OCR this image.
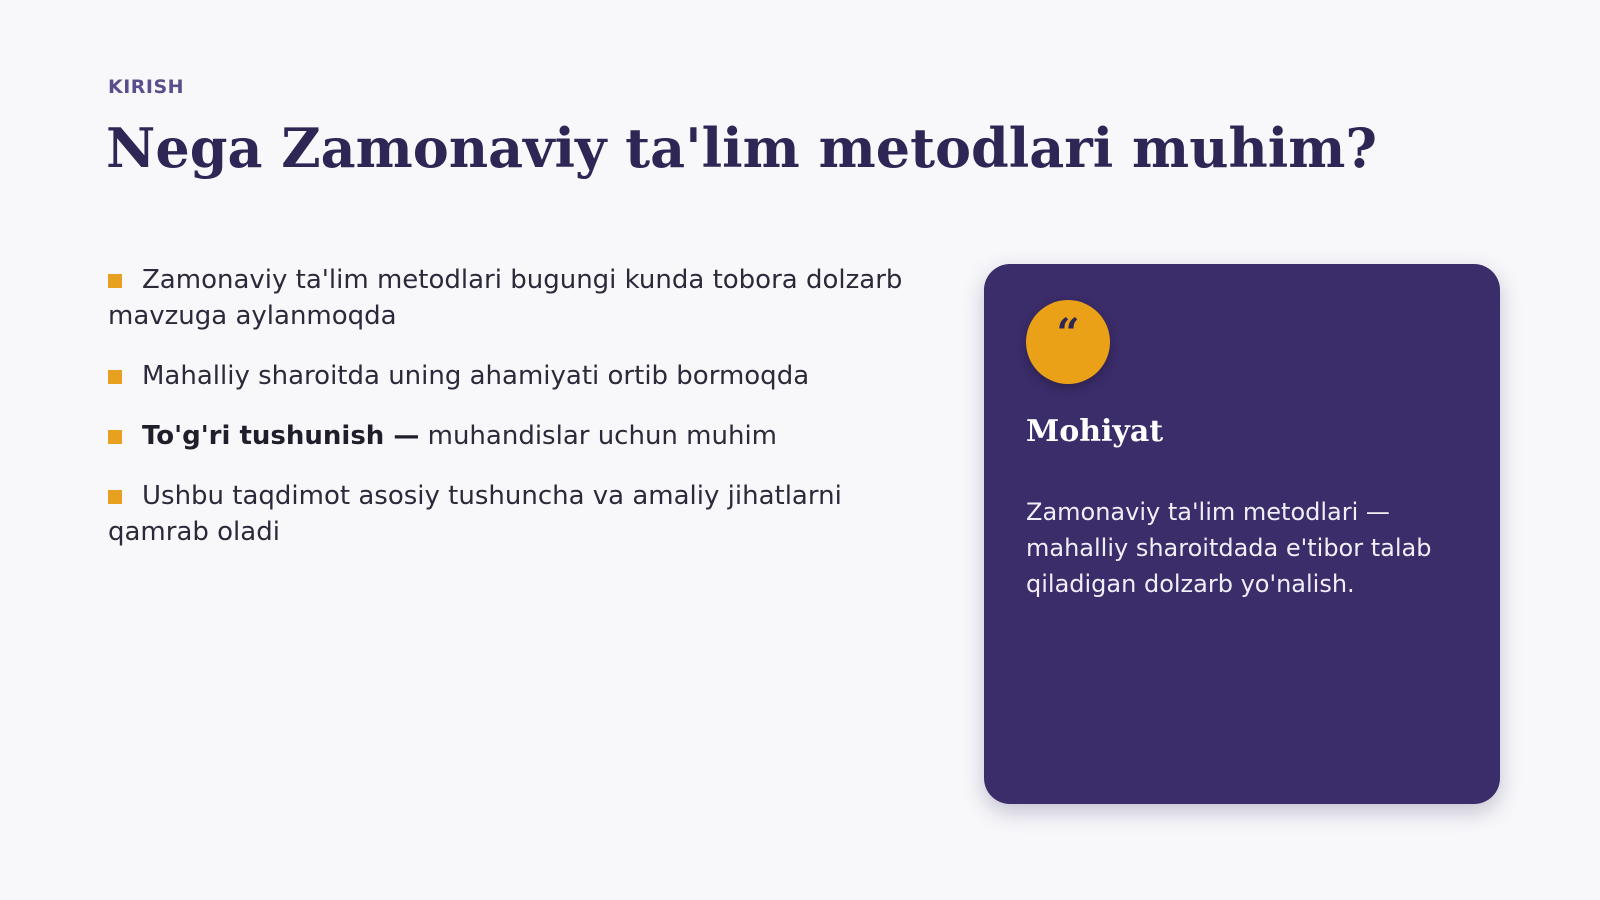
KIRISH
Nega Zamonaviy ta'lim metodlari muhim?
Zamonaviy ta'lim metodlari bugungi kunda tobora dolzarb mavzuga aylanmoqda
Mahalliy sharoitda uning ahamiyati ortib bormoqda
To'g'ri tushunish — muhandislar uchun muhim
Ushbu taqdimot asosiy tushuncha va amaliy jihatlarni qamrab oladi
“
Mohiyat
Zamonaviy ta'lim metodlari — mahalliy sharoitdada e'tibor talab qiladigan dolzarb yo'nalish.
